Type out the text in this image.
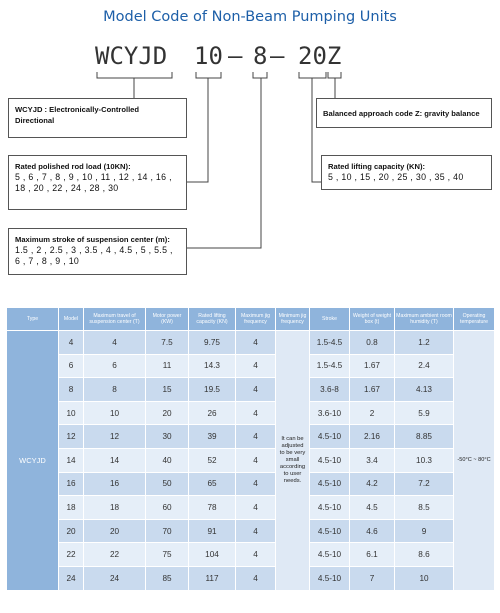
Model Code of Non-Beam Pumping Units
WCYJD 10 — 8 — 20Z
WCYJD : Electronically-Controlled Directional
Rated polished rod load (10KN):
5 , 6 , 7 , 8 , 9 , 10 , 11 , 12 , 14 , 16 , 18 , 20 , 22 , 24 , 28 , 30
Maximum stroke of suspension center (m):
1.5 , 2 , 2.5 , 3 , 3.5 , 4 , 4.5 , 5 , 5.5 , 6 , 7 , 8 , 9 , 10
Balanced approach code Z: gravity balance
Rated lifting capacity (KN):
5 , 10 , 15 , 20 , 25 , 30 , 35 , 40
Type	Model	Maximum travel of suspension center (T)	Motor power (KW)	Rated lifting capacity (KN)	Maximum jig frequency	Minimum jig frequency	Stroke	Weight of weight box (t)	Maximum ambient room humidity (T)	Operating temperature
WCYJD	4	4	7.5	9.75	4	It can be adjusted to be very small according to user needs.	1.5-4.5	0.8	1.2	-50°C ~ 80°C
	6	6	11	14.3	4		1.5-4.5	1.67	2.4	
	8	8	15	19.5	4		3.6-8	1.67	4.13	
	10	10	20	26	4		3.6-10	2	5.9	
	12	12	30	39	4		4.5-10	2.16	8.85	
	14	14	40	52	4		4.5-10	3.4	10.3	
	16	16	50	65	4		4.5-10	4.2	7.2	
	18	18	60	78	4		4.5-10	4.5	8.5	
	20	20	70	91	4		4.5-10	4.6	9	
	22	22	75	104	4		4.5-10	6.1	8.6	
	24	24	85	117	4		4.5-10	7	10	
